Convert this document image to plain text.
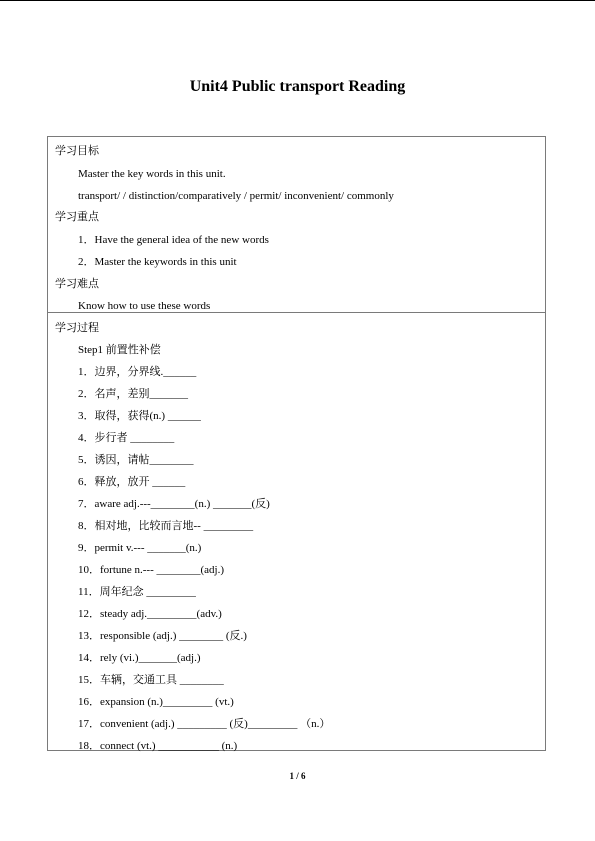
Unit4 Public transport Reading
学习目标
Master the key words in this unit.
transport/ / distinction/comparatively / permit/ inconvenient/ commonly
学习重点
1．Have the general idea of the new words
2．Master the keywords in this unit
学习难点
Know how to use these words
学习过程
Step1 前置性补偿
1．边界，分界线.______
2．名声，差别_______
3．取得，获得(n.) ______
4．步行者 ________
5．诱因，请帖________
6．释放，放开 ______
7．aware adj.---________(n.) _______(反)
8．相对地，比较而言地-- _________
9．permit v.--- _______(n.)
10．fortune n.--- ________(adj.)
11．周年纪念 _________
12．steady adj._________(adv.)
13．responsible (adj.) ________ (反.)
14．rely (vi.)_______(adj.)
15．车辆，交通工具 ________
16．expansion (n.)_________ (vt.)
17．convenient (adj.) _________ (反)_________ （n.）
18．connect (vt.) ___________ (n.)
1 / 6
